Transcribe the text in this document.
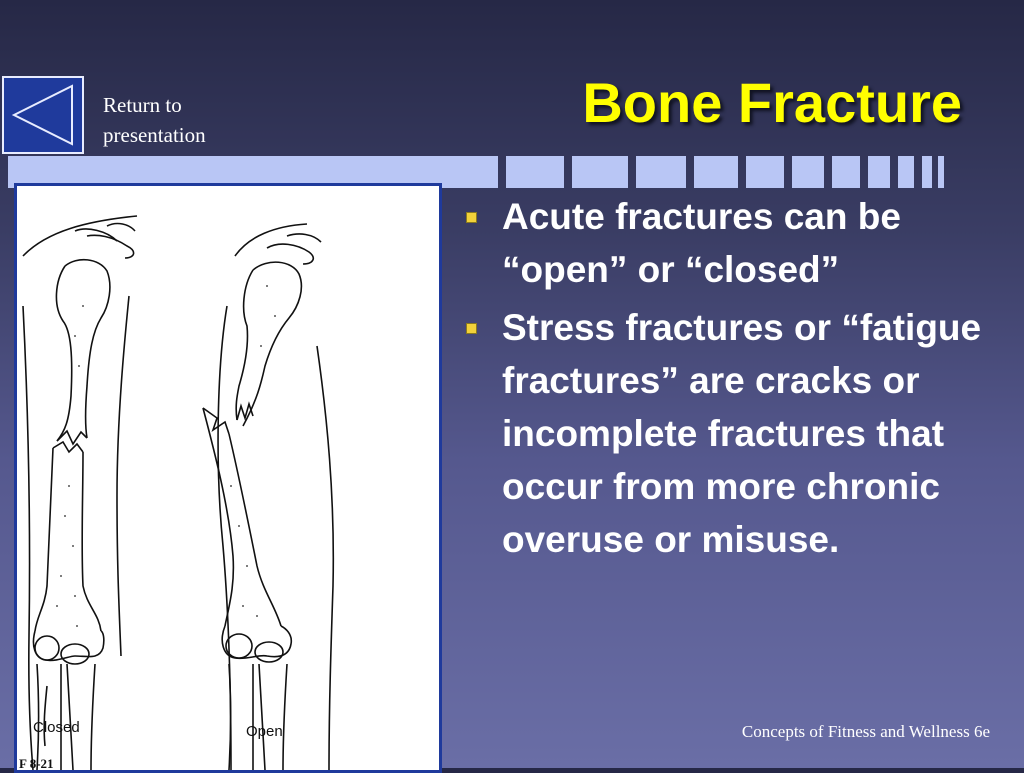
Return to presentation
Bone Fracture
Closed	Open
F 8-21
Acute fractures can be “open” or “closed”
Stress fractures or “fatigue fractures” are cracks or incomplete fractures that occur from more chronic overuse or misuse.
Concepts of Fitness and Wellness 6e
